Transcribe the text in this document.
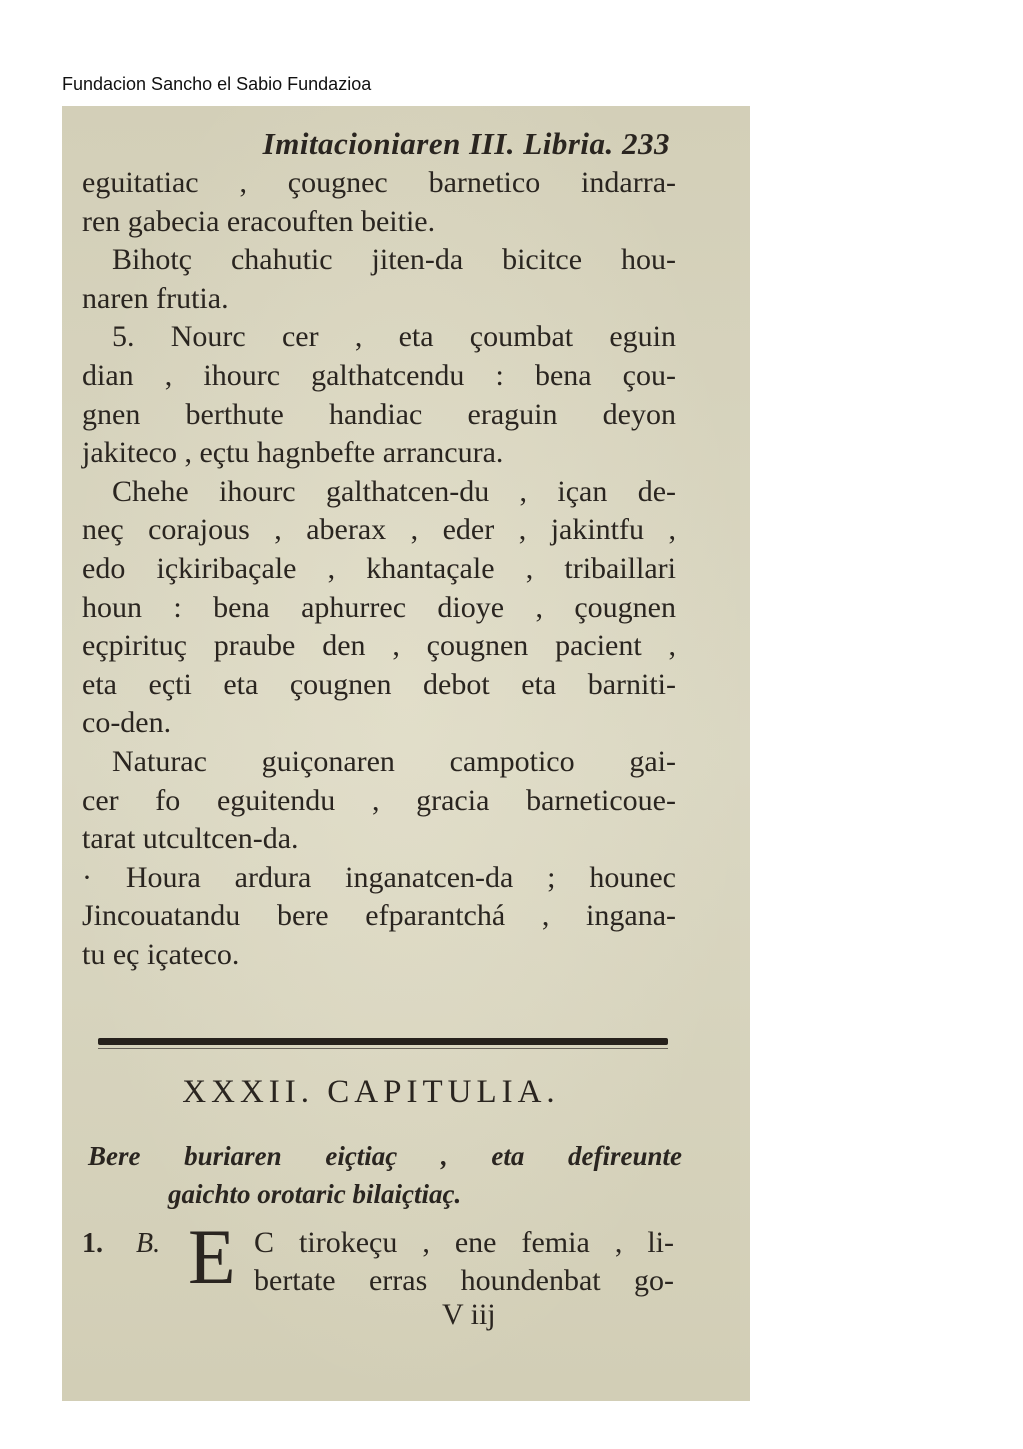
Fundacion Sancho el Sabio Fundazioa

Imitacioniaren III. Libria. 233

eguitatiac , çougnec barnetico indarra-

ren gabecia eracouften beitie.

Bihotç chahutic jiten-da bicitce hou-

naren frutia.

5. Nourc cer , eta çoumbat eguin

dian , ihourc galthatcendu : bena çou-

gnen berthute handiac eraguin deyon

jakiteco , eçtu hagnbefte arrancura.

Chehe ihourc galthatcen-du , içan de-

neç corajous , aberax , eder , jakintfu ,

edo içkiribaçale , khantaçale , tribaillari

houn : bena aphurrec dioye , çougnen

eçpirituç praube den , çougnen pacient ,

eta eçti eta çougnen debot eta barniti-

co-den.

Naturac guiçonaren campotico gai-

cer fo eguitendu , gracia barneticoue-

tarat utcultcen-da.

· Houra ardura inganatcen-da ; hounec

Jincouatandu bere efparantchá , ingana-

tu eç içateco.

XXXII. CAPITULIA.

Bere buriaren eiçtiaç , eta defireunte

gaichto orotaric bilaiçtiaç.

1. B. E C tirokeçu , ene femia , li-

bertate erras houndenbat go-

V iij
